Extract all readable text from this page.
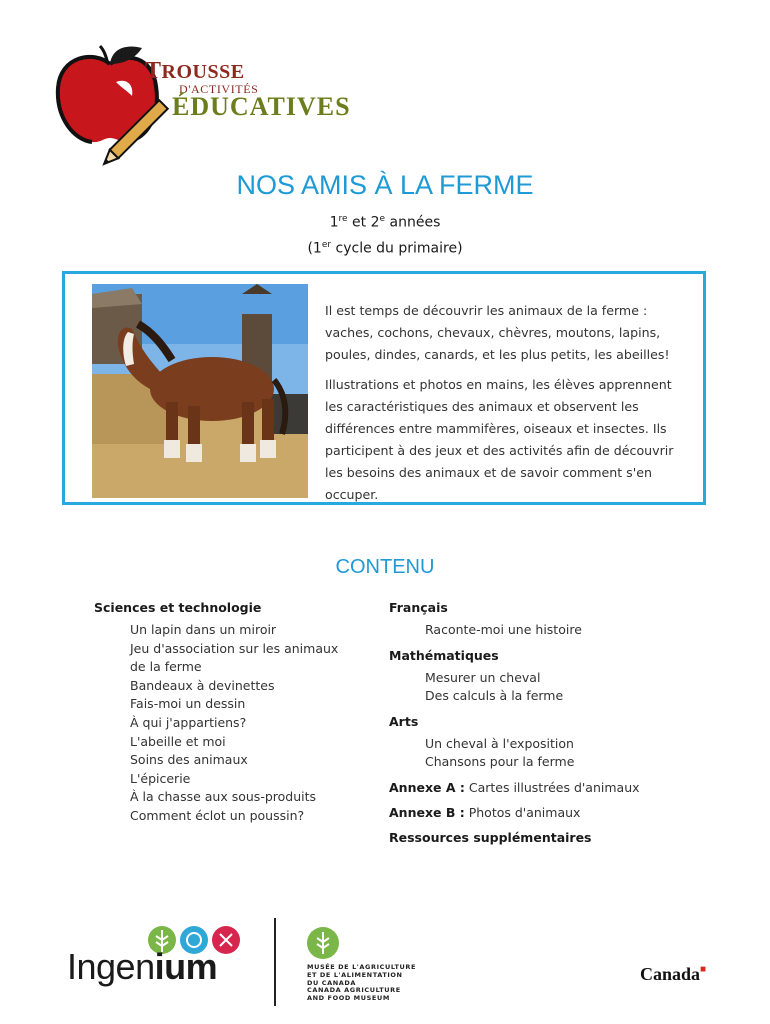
TROUSSE
D'ACTIVITÉS
ÉDUCATIVES
NOS AMIS À LA FERME
1re et 2e années
(1er cycle du primaire)

Il est temps de découvrir les animaux de la ferme : vaches, cochons, chevaux, chèvres, moutons, lapins, poules, dindes, canards, et les plus petits, les abeilles!

Illustrations et photos en mains, les élèves apprennent les caractéristiques des animaux et observent les différences entre mammifères, oiseaux et insectes. Ils participent à des jeux et des activités afin de découvrir les besoins des animaux et de savoir comment s'en occuper.

CONTENU
Sciences et technologie
Un lapin dans un miroir
Jeu d'association sur les animaux de la ferme
Bandeaux à devinettes
Fais-moi un dessin
À qui j'appartiens?
L'abeille et moi
Soins des animaux
L'épicerie
À la chasse aux sous-produits
Comment éclot un poussin?
Français
Raconte-moi une histoire
Mathématiques
Mesurer un cheval
Des calculs à la ferme
Arts
Un cheval à l'exposition
Chansons pour la ferme
Annexe A : Cartes illustrées d'animaux
Annexe B : Photos d'animaux
Ressources supplémentaires
Ingenium	MUSÉE DE L'AGRICULTURE
ET DE L'ALIMENTATION
DU CANADA
CANADA AGRICULTURE
AND FOOD MUSEUM
Canada■
